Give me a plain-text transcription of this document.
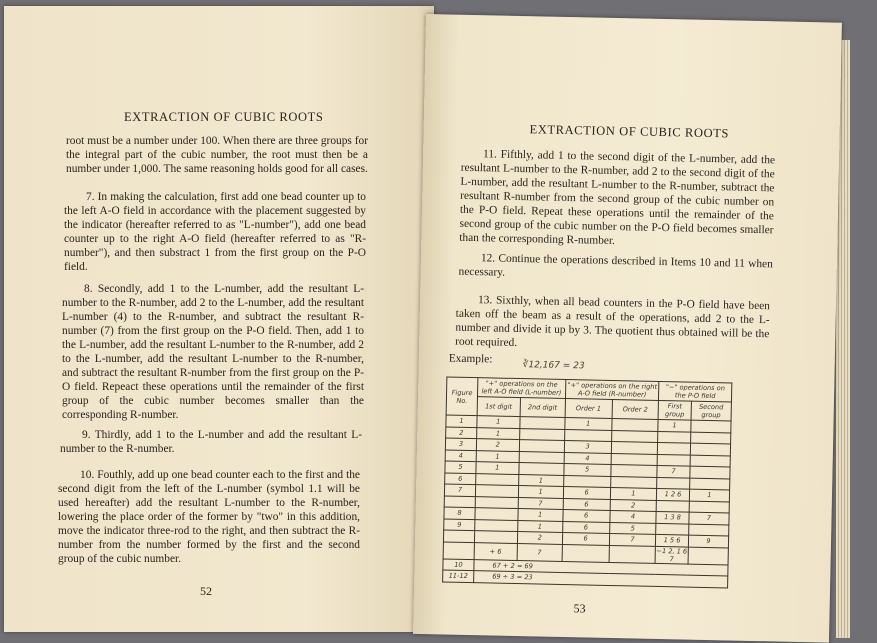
EXTRACTION OF CUBIC ROOTS

root must be a number under 100. When there are three groups for the integral part of the cubic number, the root must then be a number under 1,000. The same reasoning holds good for all cases.

7. In making the calculation, first add one bead counter up to the left A-O field in accordance with the placement suggested by the indicator (hereafter referred to as "L-number"), add one bead counter up to the right A-O field (hereafter referred to as "R-number"), and then substract 1 from the first group on the P-O field.

8. Secondly, add 1 to the L-number, add the resultant L-number to the R-number, add 2 to the L-number, add the resultant L-number (4) to the R-number, and subtract the resultant R-number (7) from the first group on the P-O field. Then, add 1 to the L-number, add the resultant L-number to the R-number, add 2 to the L-number, add the resultant L-number to the R-number, and subtract the resultant R-number from the first group on the P-O field. Repeact these operations until the remainder of the first group of the cubic number becomes smaller than the corresponding R-number.

9. Thirdly, add 1 to the L-number and add the resultant L-number to the R-number.

10. Fouthly, add up one bead counter each to the first and the second digit from the left of the L-number (symbol 1.1 will be used hereafter) add the resultant L-number to the R-number, lowering the place order of the former by "two" in this addition, move the indicator three-rod to the right, and then subtract the R-number from the number formed by the first and the second group of the cubic number.

52
EXTRACTION OF CUBIC ROOTS

11. Fifthly, add 1 to the second digit of the L-number, add the resultant L-number to the R-number, add 2 to the second digit of the L-number, add the resultant L-number to the R-number, subtract the resultant R-number from the second group of the cubic number on the P-O field. Repeat these operations until the remainder of the second group of the cubic number on the P-O field becomes smaller than the corresponding R-number.

12. Continue the operations described in Items 10 and 11 when necessary.

13. Sixthly, when all bead counters in the P-O field have been taken off the beam as a result of the operations, add 2 to the L-number and divide it up by 3. The quotient thus obtained will be the root required.

Example:
∛12,167 = 23
Figure No.	"+" operations on the left A-O field (L-number)		"+" operations on the right A-O field (R-number)		"−" operations on the P-O field	
	1st digit	2nd digit	Order 1	Order 2	First group	Second group
1	1		1		1	
2	1					
3	2		3			
4	1		4			
5	1		5		7	
6		1				
7		1	6	1	1 2 6	1
		7	6	2		
8		1	6	4	1 3 8	7
9		1	6	5		
		2	6	7	1 5 6	9
	+ 6	7			−1 2, 1 6 7	
10	67 + 2 = 69					
11-12	69 ÷ 3 = 23					
53
